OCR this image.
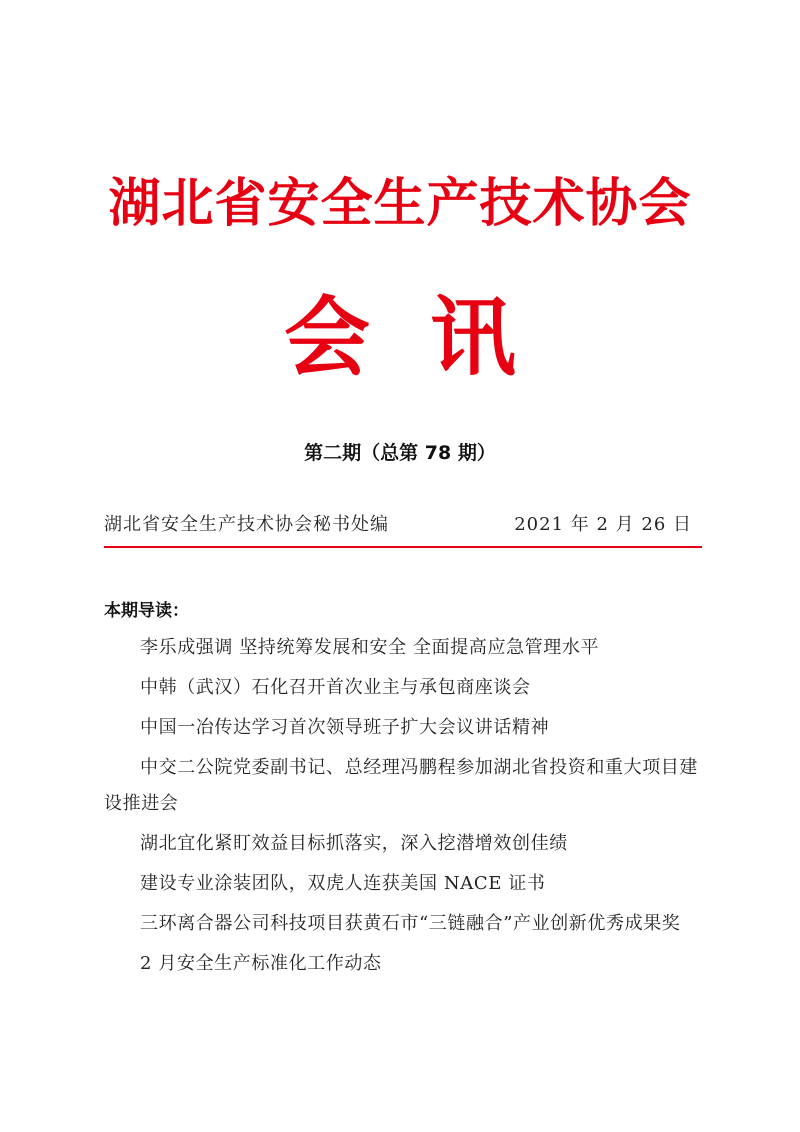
湖北省安全生产技术协会
会讯
第二期（总第 78 期）
湖北省安全生产技术协会秘书处编	2021 年 2 月 26 日
本期导读：
李乐成强调 坚持统筹发展和安全 全面提高应急管理水平
中韩（武汉）石化召开首次业主与承包商座谈会
中国一冶传达学习首次领导班子扩大会议讲话精神
中交二公院党委副书记、总经理冯鹏程参加湖北省投资和重大项目建设推进会
湖北宜化紧盯效益目标抓落实，深入挖潜增效创佳绩
建设专业涂装团队，双虎人连获美国 NACE 证书
三环离合器公司科技项目获黄石市“三链融合”产业创新优秀成果奖
2 月安全生产标准化工作动态
